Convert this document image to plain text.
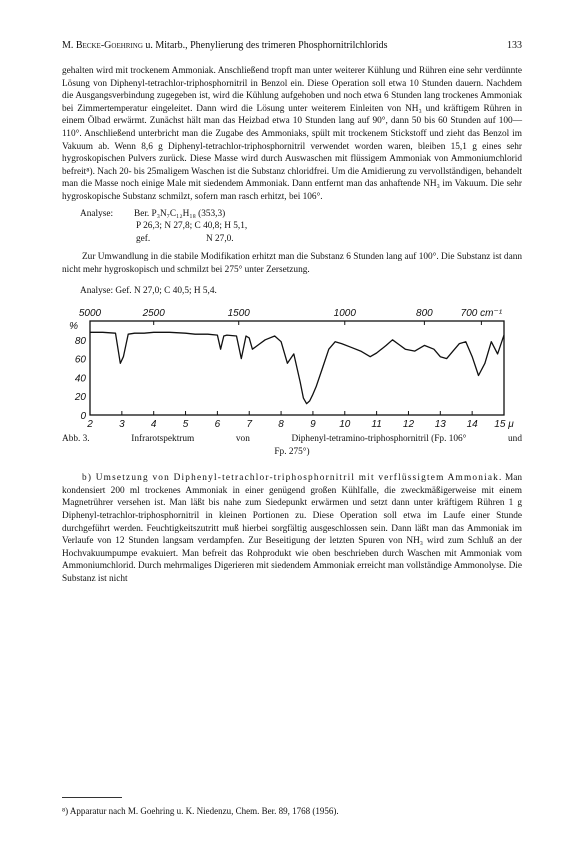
M. Becke-Goehring u. Mitarb., Phenylierung des trimeren Phosphornitrilchlorids	133

gehalten wird mit trockenem Ammoniak. Anschließend tropft man unter weiterer Kühlung und Rühren eine sehr verdünnte Lösung von Diphenyl-tetrachlor-triphosphornitril in Benzol ein. Diese Operation soll etwa 10 Stunden dauern. Nachdem die Ausgangsverbindung zugegeben ist, wird die Kühlung aufgehoben und noch etwa 6 Stunden lang trockenes Ammoniak bei Zimmertemperatur eingeleitet. Dann wird die Lösung unter weiterem Einleiten von NH₃ und kräftigem Rühren in einem Ölbad erwärmt. Zunächst hält man das Heizbad etwa 10 Stunden lang auf 90°, dann 50 bis 60 Stunden auf 100—110°. Anschließend unterbricht man die Zugabe des Ammoniaks, spült mit trockenem Stickstoff und zieht das Benzol im Vakuum ab. Wenn 8,6 g Diphenyl-tetrachlor-triphosphornitril verwendet worden waren, bleiben 15,1 g eines sehr hygroskopischen Pulvers zurück. Diese Masse wird durch Auswaschen mit flüssigem Ammoniak von Ammoniumchlorid befreit⁸). Nach 20- bis 25maligem Waschen ist die Substanz chloridfrei. Um die Amidierung zu vervollständigen, behandelt man die Masse noch einige Male mit siedendem Ammoniak. Dann entfernt man das anhaftende NH₃ im Vakuum. Die sehr hygroskopische Substanz schmilzt, sofern man rasch erhitzt, bei 106°.

Analyse:	Ber. P₃N₇C₁₂H₁₈ (353,3)
P 26,3; N 27,8; C 40,8; H 5,1,
gef.	N 27,0.

Zur Umwandlung in die stabile Modifikation erhitzt man die Substanz 6 Stunden lang auf 100°. Die Substanz ist dann nicht mehr hygroskopisch und schmilzt bei 275° unter Zersetzung.

Analyse: Gef. N 27,0; C 40,5; H 5,4.
2	3	4	5	6	7	8	9 10 11 12 13 14 15 μ
5000	2500	1500	1000	800	700 cm⁻¹
80
60
40
20
0
%
Abb. 3.	Infrarotspektrum	von	Diphenyl-tetramino-triphosphornitril (Fp. 106°	und
Fp. 275°)

b) Umsetzung von Diphenyl-tetrachlor-triphosphornitril mit verflüssigtem Ammoniak. Man kondensiert 200 ml trockenes Ammoniak in einer genügend großen Kühlfalle, die zweckmäßigerweise mit einem Magnetrührer versehen ist. Man läßt bis nahe zum Siedepunkt erwärmen und setzt dann unter kräftigem Rühren 1 g Diphenyl-tetrachlor-triphosphornitril in kleinen Portionen zu. Diese Operation soll etwa im Laufe einer Stunde durchgeführt werden. Feuchtigkeitszutritt muß hierbei sorgfältig ausgeschlossen sein. Dann läßt man das Ammoniak im Verlaufe von 12 Stunden langsam verdampfen. Zur Beseitigung der letzten Spuren von NH₃ wird zum Schluß an der Hochvakuumpumpe evakuiert. Man befreit das Rohprodukt wie oben beschrieben durch Waschen mit Ammoniak vom Ammoniumchlorid. Durch mehrmaliges Digerieren mit siedendem Ammoniak erreicht man vollständige Ammonolyse. Die Substanz ist nicht

⁸) Apparatur nach M. Goehring u. K. Niedenzu, Chem. Ber. 89, 1768 (1956).
